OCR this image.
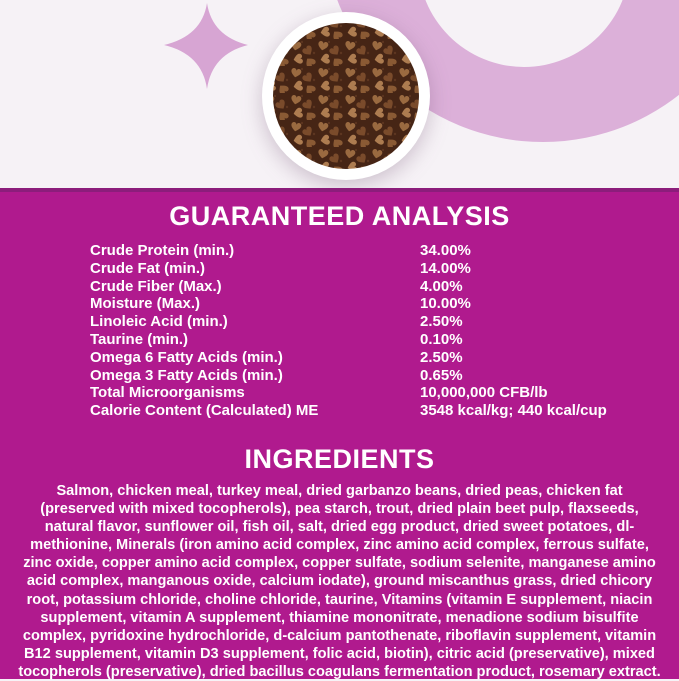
GUARANTEED ANALYSIS
Crude Protein (min.)	34.00%
Crude Fat (min.)	14.00%
Crude Fiber (Max.)	4.00%
Moisture (Max.)	10.00%
Linoleic Acid (min.)	2.50%
Taurine (min.)	0.10%
Omega 6 Fatty Acids (min.)	2.50%
Omega 3 Fatty Acids (min.)	0.65%
Total Microorganisms	10,000,000 CFB/lb
Calorie Content (Calculated) ME	3548 kcal/kg; 440 kcal/cup
INGREDIENTS

Salmon, chicken meal, turkey meal, dried garbanzo beans, dried peas, chicken fat (preserved with mixed tocopherols), pea starch, trout, dried plain beet pulp, flaxseeds, natural flavor, sunflower oil, fish oil, salt, dried egg product, dried sweet potatoes, dl-methionine, Minerals (iron amino acid complex, zinc amino acid complex, ferrous sulfate, zinc oxide, copper amino acid complex, copper sulfate, sodium selenite, manganese amino acid complex, manganous oxide, calcium iodate), ground miscanthus grass, dried chicory root, potassium chloride, choline chloride, taurine, Vitamins (vitamin E supplement, niacin supplement, vitamin A supplement, thiamine mononitrate, menadione sodium bisulfite complex, pyridoxine hydrochloride, d-calcium pantothenate, riboflavin supplement, vitamin B12 supplement, vitamin D3 supplement, folic acid, biotin), citric acid (preservative), mixed tocopherols (preservative), dried bacillus coagulans fermentation product, rosemary extract.
